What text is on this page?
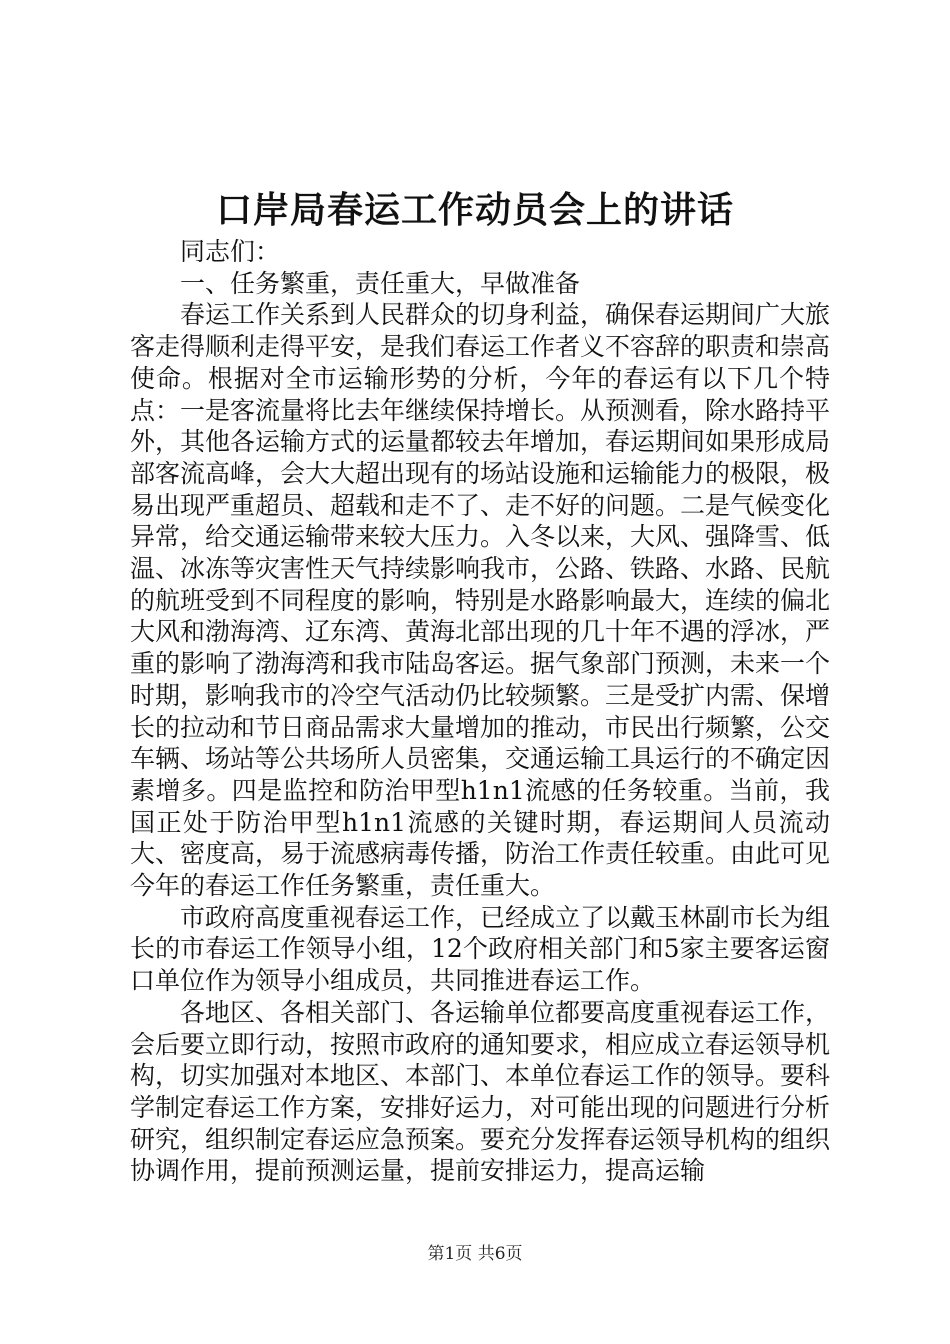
口岸局春运工作动员会上的讲话

同志们：

一、任务繁重，责任重大，早做准备

春运工作关系到人民群众的切身利益，确保春运期间广大旅客走得顺利走得平安，是我们春运工作者义不容辞的职责和崇高使命。根据对全市运输形势的分析，今年的春运有以下几个特点：一是客流量将比去年继续保持增长。从预测看，除水路持平外，其他各运输方式的运量都较去年增加，春运期间如果形成局部客流高峰，会大大超出现有的场站设施和运输能力的极限，极易出现严重超员、超载和走不了、走不好的问题。二是气候变化异常，给交通运输带来较大压力。入冬以来，大风、强降雪、低温、冰冻等灾害性天气持续影响我市，公路、铁路、水路、民航的航班受到不同程度的影响，特别是水路影响最大，连续的偏北大风和渤海湾、辽东湾、黄海北部出现的几十年不遇的浮冰，严重的影响了渤海湾和我市陆岛客运。据气象部门预测，未来一个时期，影响我市的冷空气活动仍比较频繁。三是受扩内需、保增长的拉动和节日商品需求大量增加的推动，市民出行频繁，公交车辆、场站等公共场所人员密集，交通运输工具运行的不确定因素增多。四是监控和防治甲型h1n1流感的任务较重。当前，我国正处于防治甲型h1n1流感的关键时期，春运期间人员流动大、密度高，易于流感病毒传播，防治工作责任较重。由此可见今年的春运工作任务繁重，责任重大。

市政府高度重视春运工作，已经成立了以戴玉林副市长为组长的市春运工作领导小组，12个政府相关部门和5家主要客运窗口单位作为领导小组成员，共同推进春运工作。

各地区、各相关部门、各运输单位都要高度重视春运工作，会后要立即行动，按照市政府的通知要求，相应成立春运领导机构，切实加强对本地区、本部门、本单位春运工作的领导。要科学制定春运工作方案，安排好运力，对可能出现的问题进行分析研究，组织制定春运应急预案。要充分发挥春运领导机构的组织协调作用，提前预测运量，提前安排运力，提高运输

第1页 共6页
